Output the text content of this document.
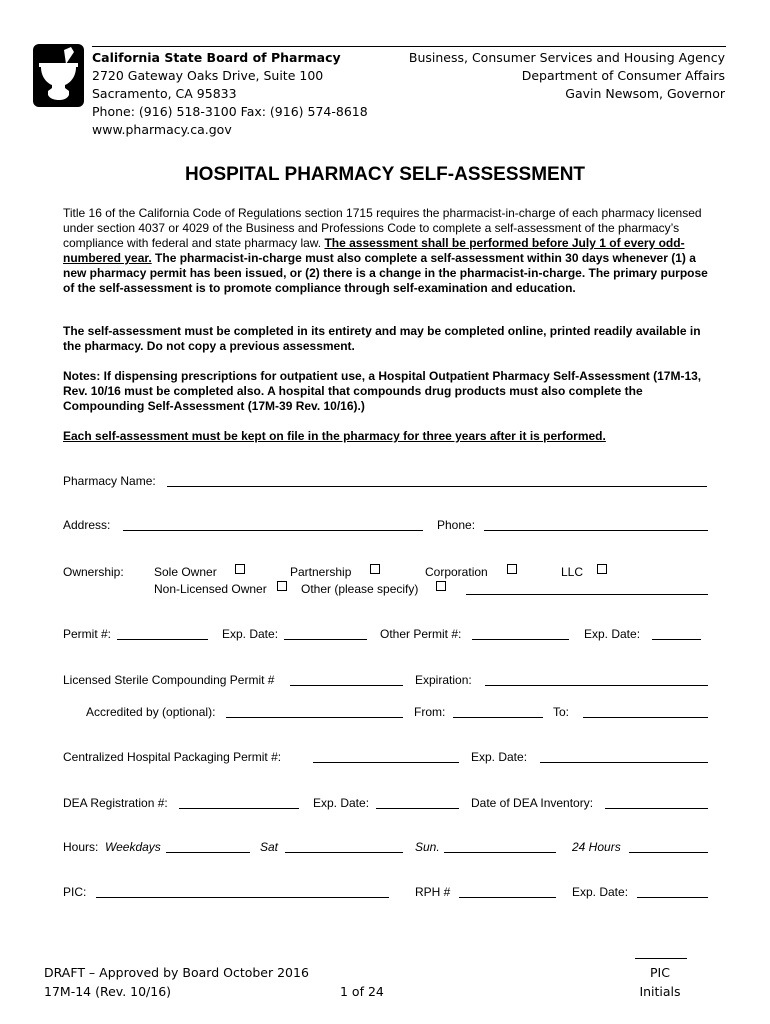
California State Board of Pharmacy
2720 Gateway Oaks Drive, Suite 100
Sacramento, CA 95833
Phone: (916) 518-3100 Fax: (916) 574-8618
www.pharmacy.ca.gov
Business, Consumer Services and Housing Agency
Department of Consumer Affairs
Gavin Newsom, Governor
HOSPITAL PHARMACY SELF-ASSESSMENT
Title 16 of the California Code of Regulations section 1715 requires the pharmacist-in-charge of each pharmacy licensed under section 4037 or 4029 of the Business and Professions Code to complete a self-assessment of the pharmacy’s compliance with federal and state pharmacy law. The assessment shall be performed before July 1 of every odd-numbered year. The pharmacist-in-charge must also complete a self-assessment within 30 days whenever (1) a new pharmacy permit has been issued, or (2) there is a change in the pharmacist-in-charge. The primary purpose of the self-assessment is to promote compliance through self-examination and education.
The self-assessment must be completed in its entirety and may be completed online, printed readily available in the pharmacy. Do not copy a previous assessment.
Notes: If dispensing prescriptions for outpatient use, a Hospital Outpatient Pharmacy Self-Assessment (17M-13, Rev. 10/16 must be completed also. A hospital that compounds drug products must also complete the Compounding Self-Assessment (17M-39 Rev. 10/16).)
Each self-assessment must be kept on file in the pharmacy for three years after it is performed.
Pharmacy Name:
Address:	Phone:
Ownership:	Sole Owner	Partnership	Corporation	LLC
Non-Licensed Owner	Other (please specify)
Permit #:	Exp. Date:	Other Permit #:	Exp. Date:
Licensed Sterile Compounding Permit #	Expiration:
Accredited by (optional):	From:	To:
Centralized Hospital Packaging Permit #:	Exp. Date:
DEA Registration #:	Exp. Date:	Date of DEA Inventory:
Hours: Weekdays	Sat	Sun.	24 Hours
PIC:	RPH #	Exp. Date:
DRAFT – Approved by Board October 2016
17M-14 (Rev. 10/16)	1 of 24
PIC
Initials
